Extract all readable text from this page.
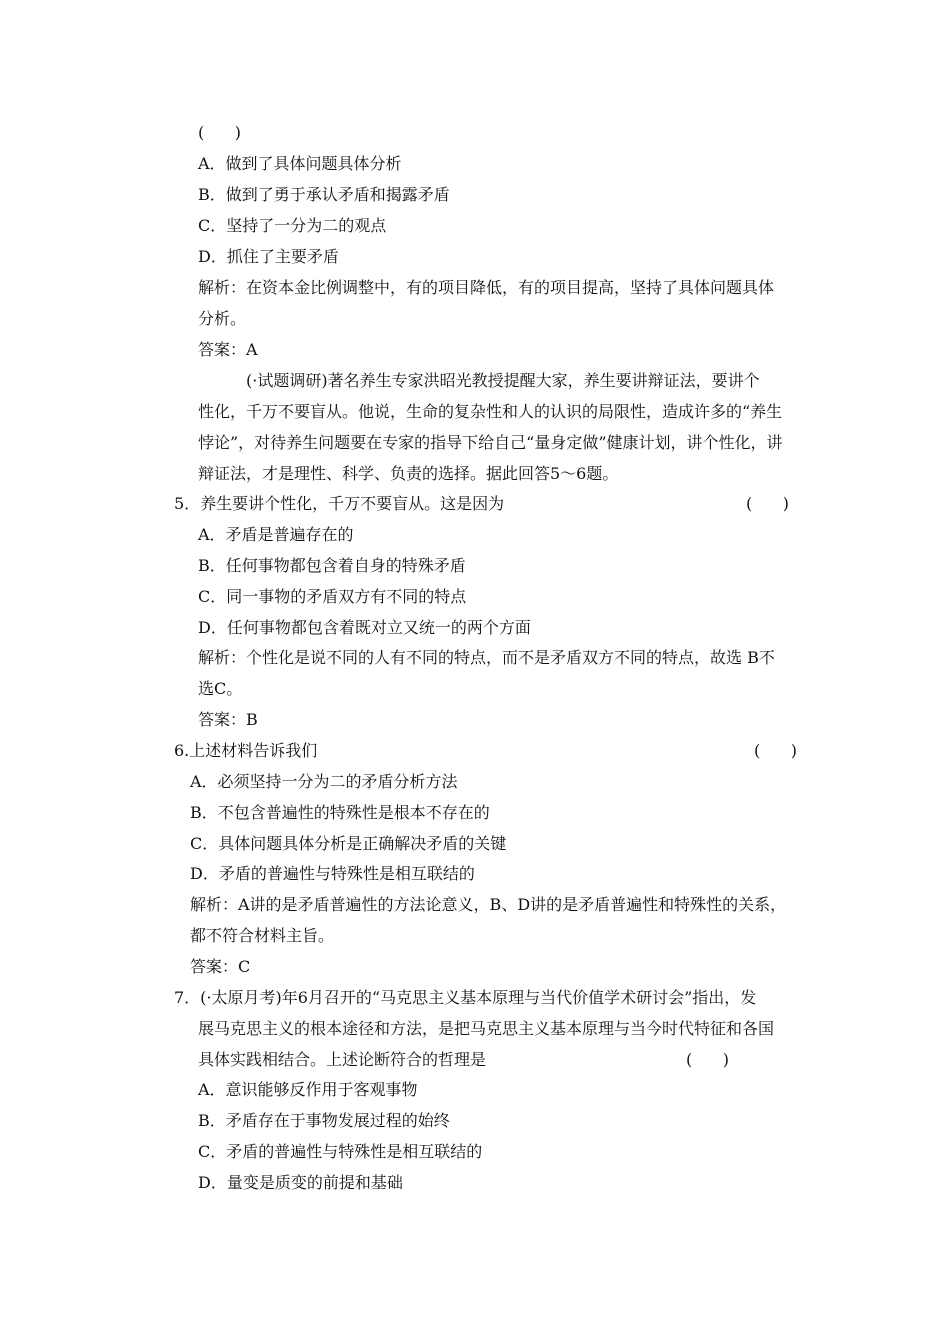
(      )
A．做到了具体问题具体分析
B．做到了勇于承认矛盾和揭露矛盾
C．坚持了一分为二的观点
D．抓住了主要矛盾
解析：在资本金比例调整中，有的项目降低，有的项目提高，坚持了具体问题具体
分析。
答案：A
(·试题调研)著名养生专家洪昭光教授提醒大家，养生要讲辩证法，要讲个
性化，千万不要盲从。他说，生命的复杂性和人的认识的局限性，造成许多的“养生
悖论”，对待养生问题要在专家的指导下给自己“量身定做”健康计划，讲个性化，讲
辩证法，才是理性、科学、负责的选择。据此回答5～6题。
5．养生要讲个性化，千万不要盲从。这是因为	(      )
A．矛盾是普遍存在的
B．任何事物都包含着自身的特殊矛盾
C．同一事物的矛盾双方有不同的特点
D．任何事物都包含着既对立又统一的两个方面
解析：个性化是说不同的人有不同的特点，而不是矛盾双方不同的特点，故选 B不
选C。
答案：B
6.上述材料告诉我们	(      )
A．必须坚持一分为二的矛盾分析方法
B．不包含普遍性的特殊性是根本不存在的
C．具体问题具体分析是正确解决矛盾的关键
D．矛盾的普遍性与特殊性是相互联结的
解析：A讲的是矛盾普遍性的方法论意义，B、D讲的是矛盾普遍性和特殊性的关系，
都不符合材料主旨。
答案：C
7．(·太原月考)年6月召开的“马克思主义基本原理与当代价值学术研讨会”指出，发
展马克思主义的根本途径和方法，是把马克思主义基本原理与当今时代特征和各国
具体实践相结合。上述论断符合的哲理是	(      )
A．意识能够反作用于客观事物
B．矛盾存在于事物发展过程的始终
C．矛盾的普遍性与特殊性是相互联结的
D．量变是质变的前提和基础
